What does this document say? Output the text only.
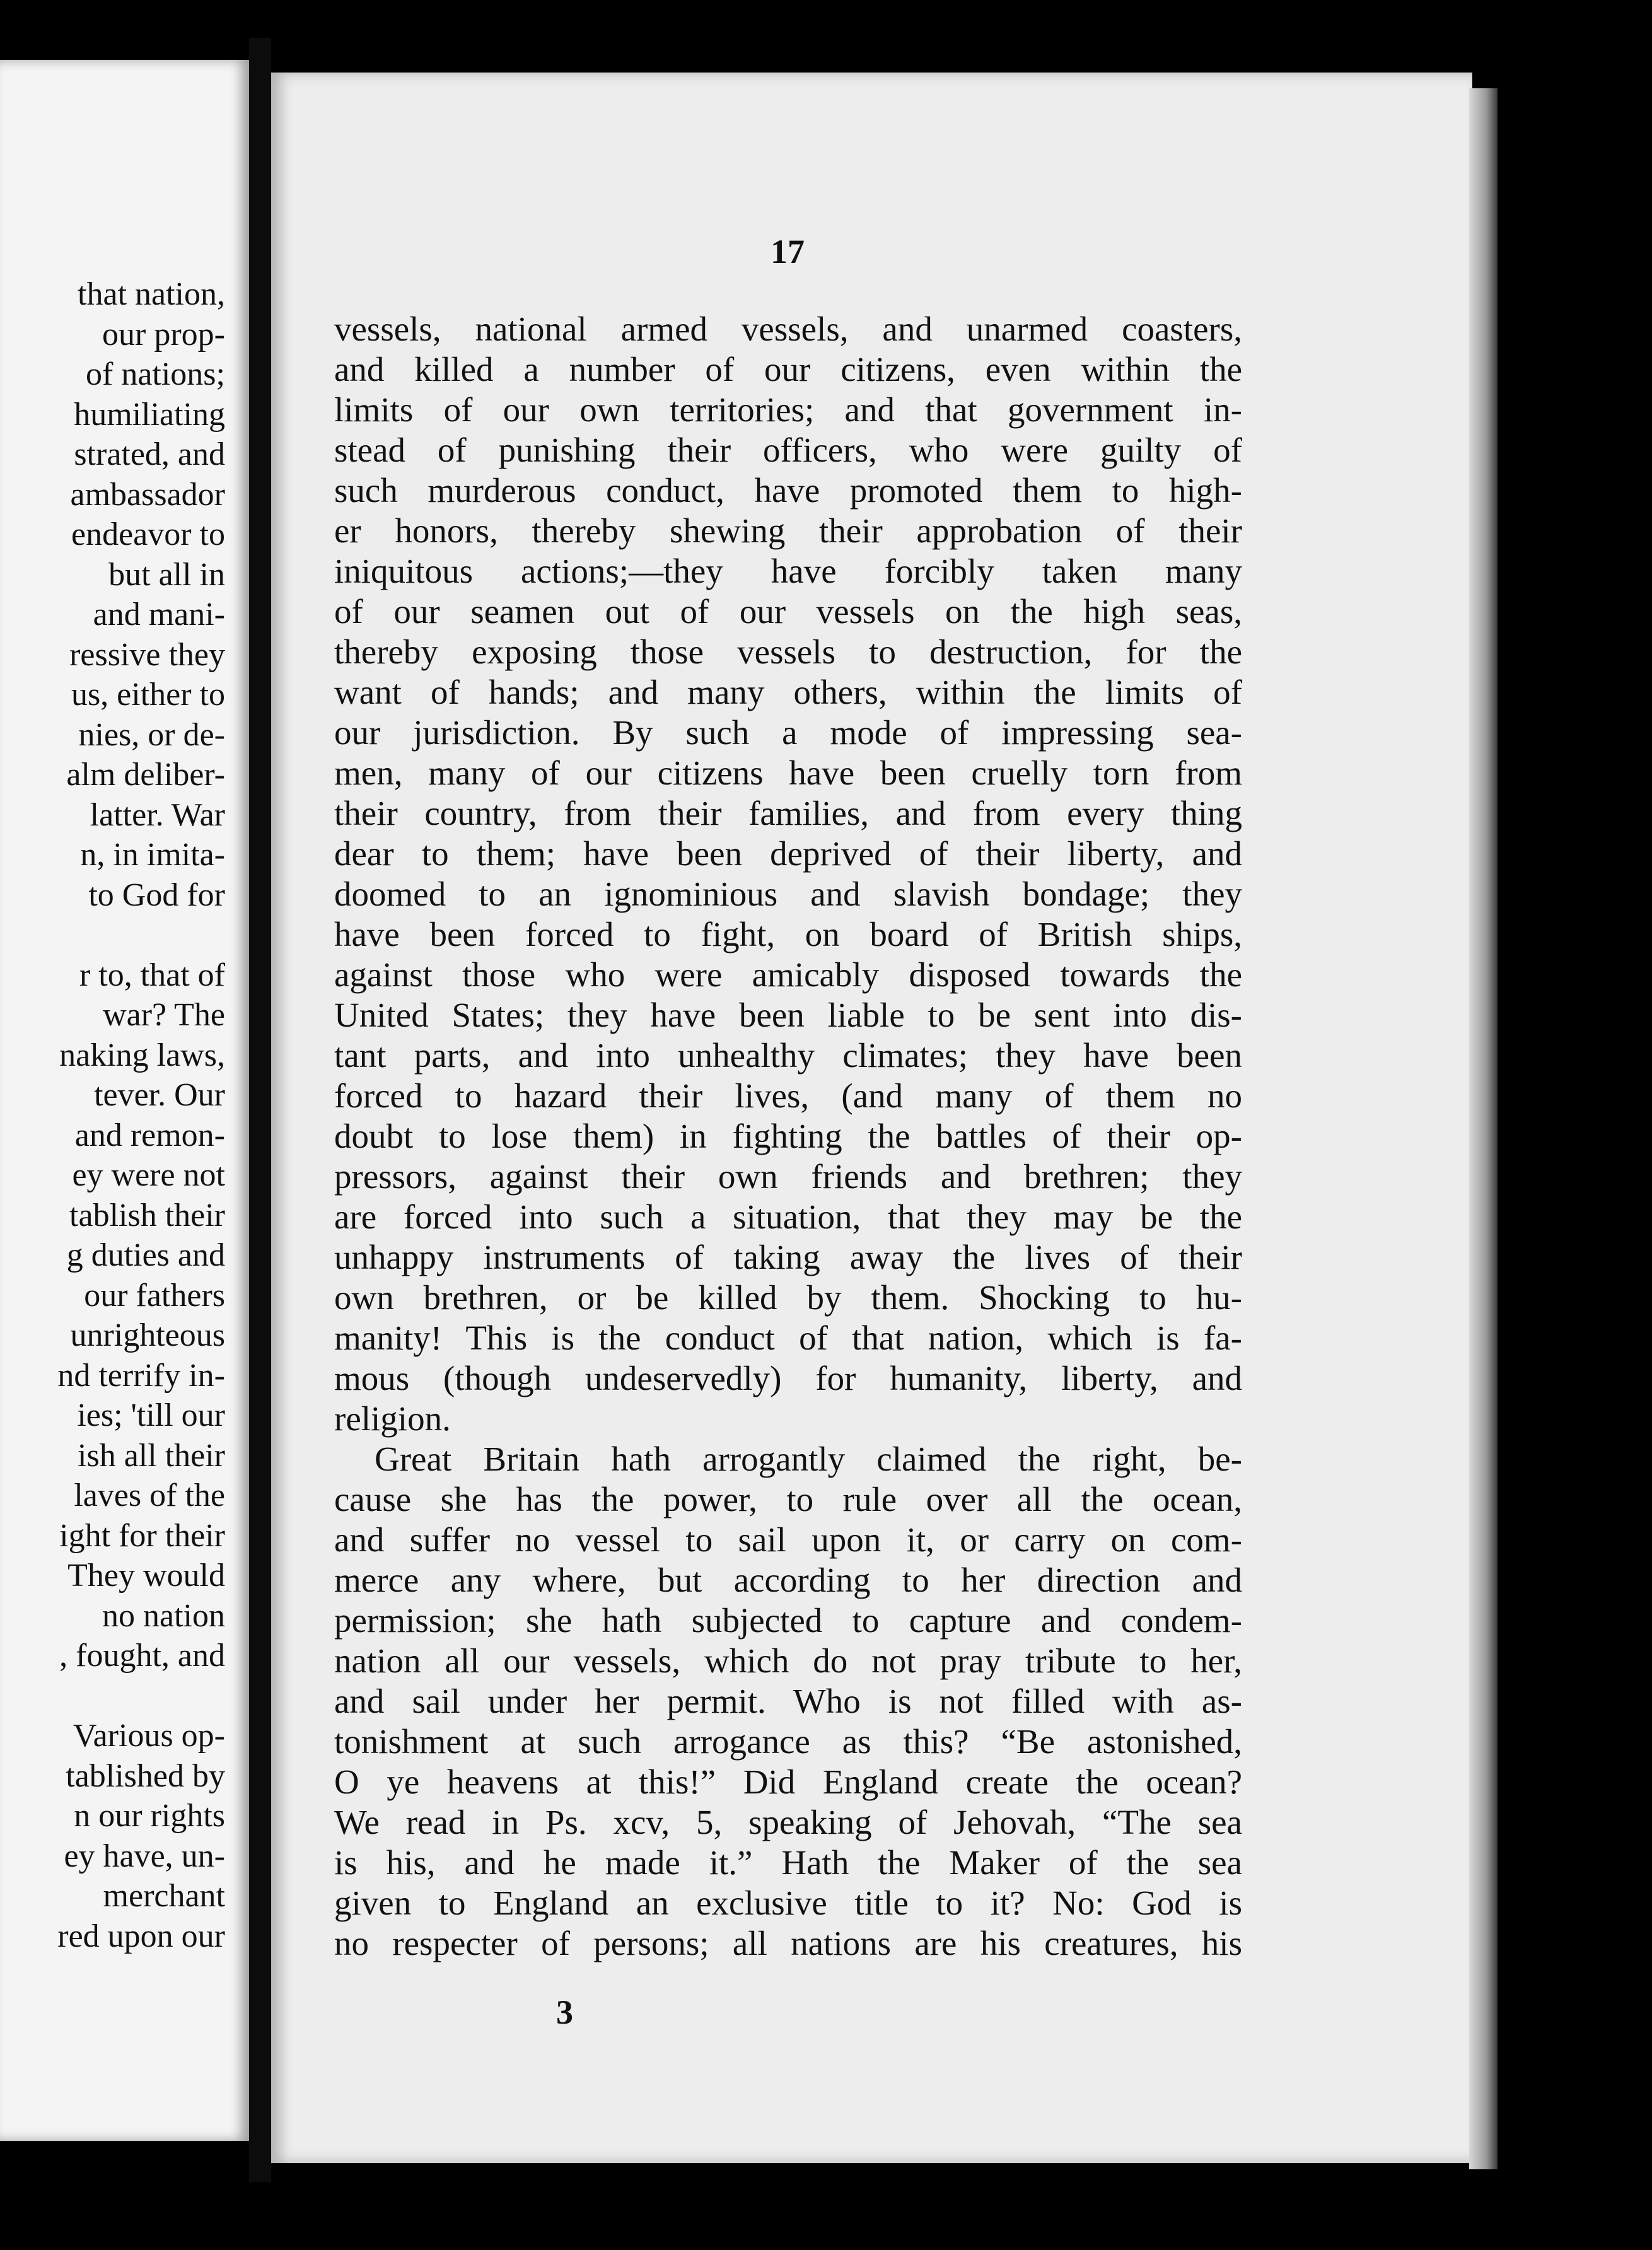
that nation,
our prop-
of nations;
humiliating
strated, and
ambassador
endeavor to
but all in
and mani-
ressive they
us, either to
nies, or de-
alm deliber-
latter. War
n, in imita-
to God for
r to, that of
war? The
naking laws,
tever. Our
and remon-
ey were not
tablish their
g duties and
our fathers
unrighteous
nd terrify in-
ies; 'till our
ish all their
laves of the
ight for their
They would
no nation
, fought, and
Various op-
tablished by
n our rights
ey have, un-
merchant
red upon our
17
vessels, national armed vessels, and unarmed coasters,
and killed a number of our citizens, even within the
limits of our own territories; and that government in-
stead of punishing their officers, who were guilty of
such murderous conduct, have promoted them to high-
er honors, thereby shewing their approbation of their
iniquitous actions;—they have forcibly taken many
of our seamen out of our vessels on the high seas,
thereby exposing those vessels to destruction, for the
want of hands; and many others, within the limits of
our jurisdiction. By such a mode of impressing sea-
men, many of our citizens have been cruelly torn from
their country, from their families, and from every thing
dear to them; have been deprived of their liberty, and
doomed to an ignominious and slavish bondage; they
have been forced to fight, on board of British ships,
against those who were amicably disposed towards the
United States; they have been liable to be sent into dis-
tant parts, and into unhealthy climates; they have been
forced to hazard their lives, (and many of them no
doubt to lose them) in fighting the battles of their op-
pressors, against their own friends and brethren; they
are forced into such a situation, that they may be the
unhappy instruments of taking away the lives of their
own brethren, or be killed by them. Shocking to hu-
manity! This is the conduct of that nation, which is fa-
mous (though undeservedly) for humanity, liberty, and
religion.
Great Britain hath arrogantly claimed the right, be-
cause she has the power, to rule over all the ocean,
and suffer no vessel to sail upon it, or carry on com-
merce any where, but according to her direction and
permission; she hath subjected to capture and condem-
nation all our vessels, which do not pray tribute to her,
and sail under her permit. Who is not filled with as-
tonishment at such arrogance as this? “Be astonished,
O ye heavens at this!” Did England create the ocean?
We read in Ps. xcv, 5, speaking of Jehovah, “The sea
is his, and he made it.” Hath the Maker of the sea
given to England an exclusive title to it? No: God is
no respecter of persons; all nations are his creatures, his
3
